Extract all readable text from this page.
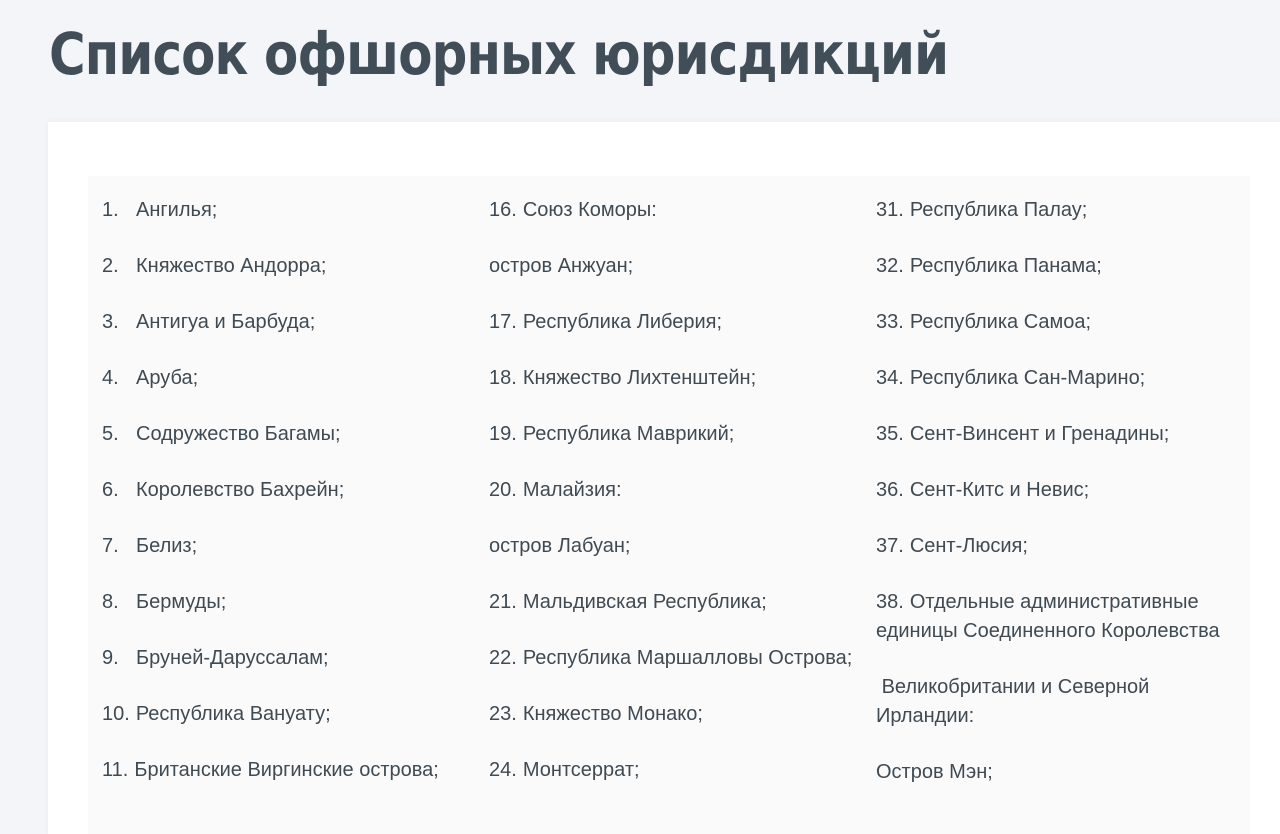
Список офшорных юрисдикций
1. Ангилья;
2. Княжество Андорра;
3. Антигуа и Барбуда;
4. Аруба;
5. Содружество Багамы;
6. Королевство Бахрейн;
7. Белиз;
8. Бермуды;
9. Бруней-Даруссалам;
10. Республика Вануату;
11. Британские Виргинские острова;
16. Союз Коморы:
остров Анжуан;
17. Республика Либерия;
18. Княжество Лихтенштейн;
19. Республика Маврикий;
20. Малайзия:
остров Лабуан;
21. Мальдивская Республика;
22. Республика Маршалловы Острова;
23. Княжество Монако;
24. Монтсеррат;
31. Республика Палау;
32. Республика Панама;
33. Республика Самоа;
34. Республика Сан-Марино;
35. Сент-Винсент и Гренадины;
36. Сент-Китс и Невис;
37. Сент-Люсия;
38. Отдельные административные единицы Соединенного Королевства
Великобритании и Северной Ирландии:
Остров Мэн;
